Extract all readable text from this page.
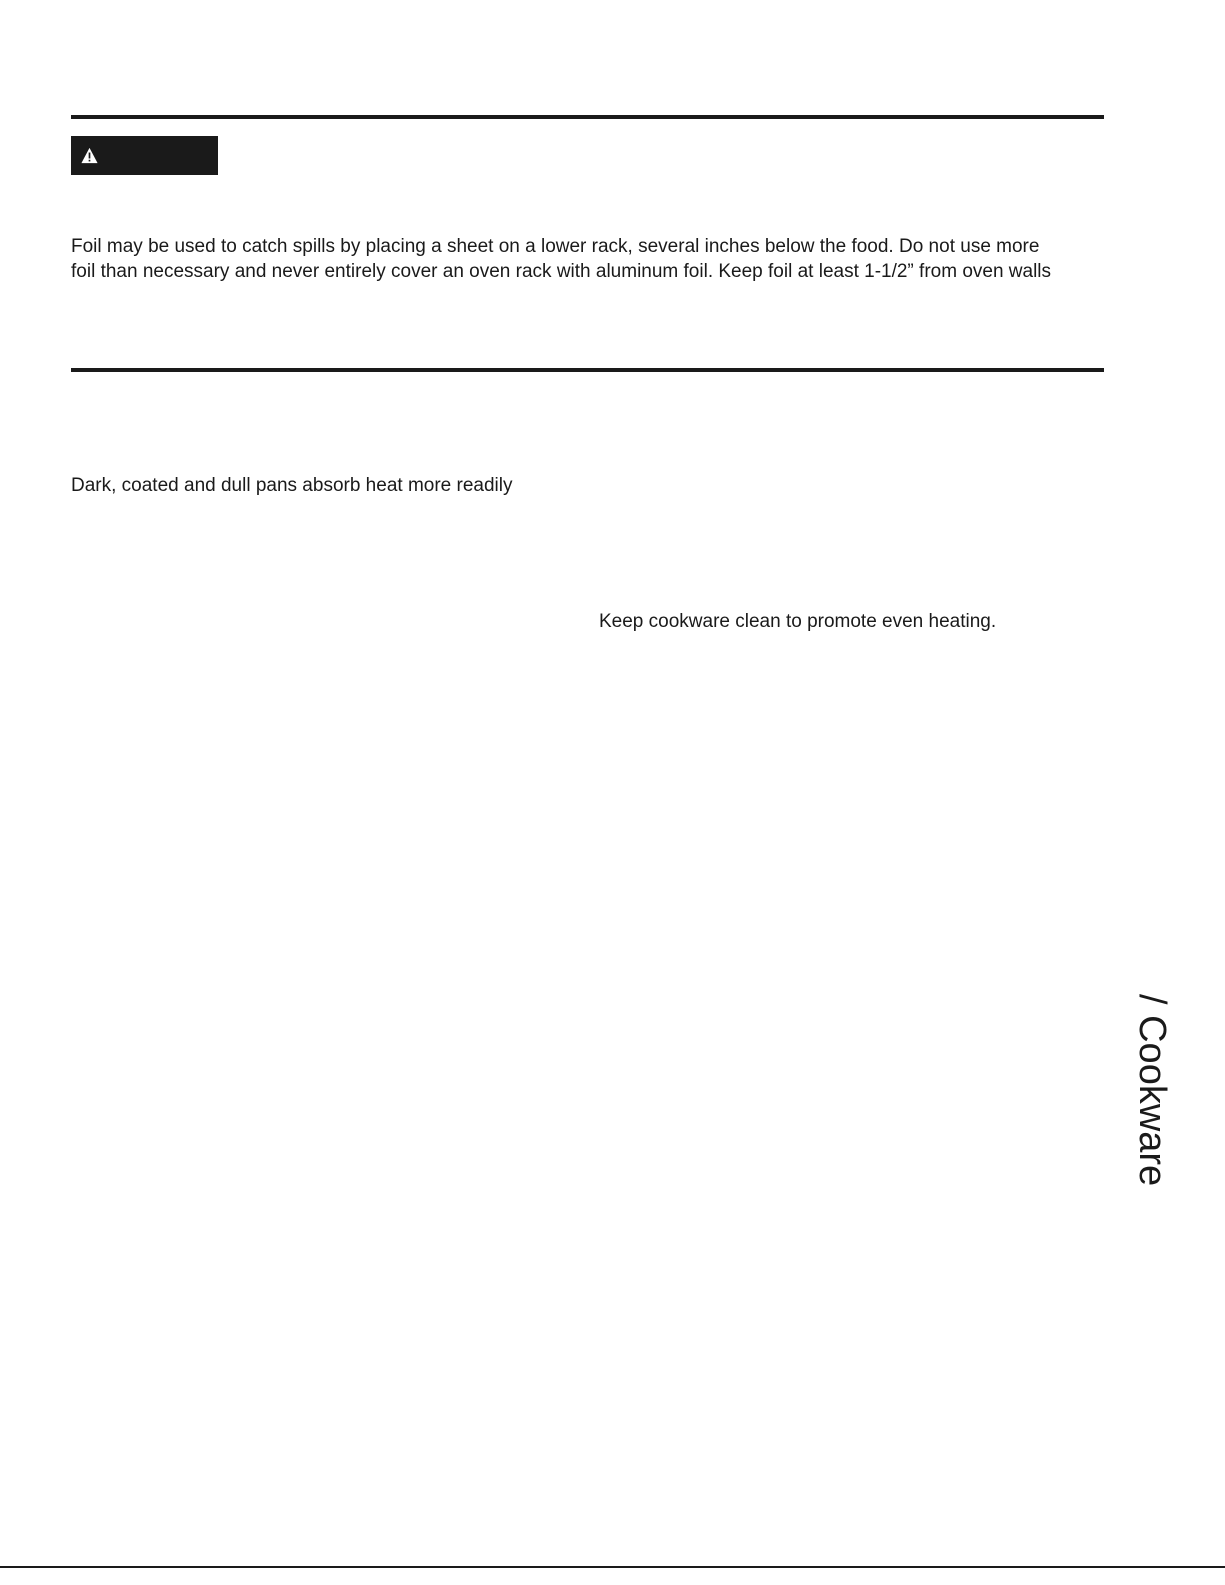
Foil may be used to catch spills by placing a sheet on a lower rack, several inches below the food. Do not use more
foil than necessary and never entirely cover an oven rack with aluminum foil. Keep foil at least 1-1/2” from oven walls
Dark, coated and dull pans absorb heat more readily
Keep cookware clean to promote even heating.
/ Cookware
